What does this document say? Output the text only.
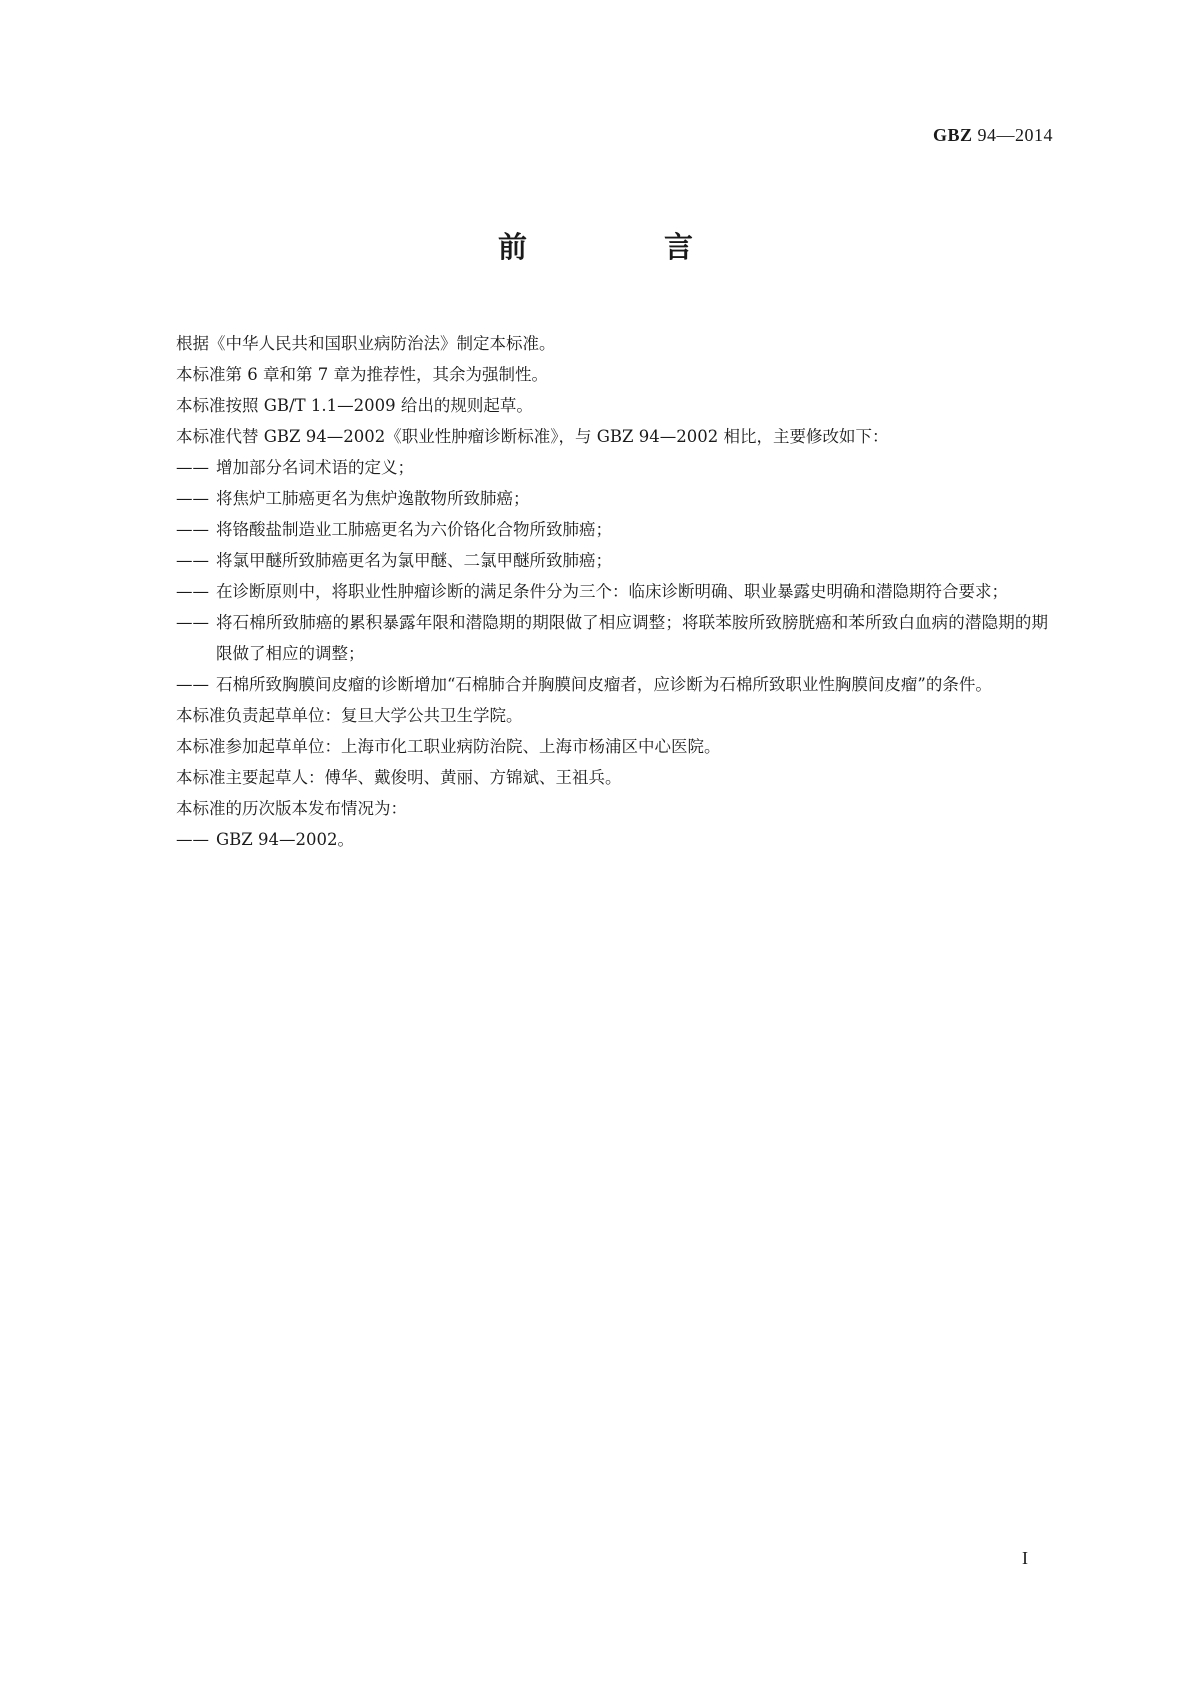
GBZ 94—2014
前　言

根据《中华人民共和国职业病防治法》制定本标准。

本标准第 6 章和第 7 章为推荐性，其余为强制性。

本标准按照 GB/T 1.1—2009 给出的规则起草。

本标准代替 GBZ 94—2002《职业性肿瘤诊断标准》，与 GBZ 94—2002 相比，主要修改如下：

—— 增加部分名词术语的定义；
—— 将焦炉工肺癌更名为焦炉逸散物所致肺癌；
—— 将铬酸盐制造业工肺癌更名为六价铬化合物所致肺癌；
—— 将氯甲醚所致肺癌更名为氯甲醚、二氯甲醚所致肺癌；
—— 在诊断原则中，将职业性肿瘤诊断的满足条件分为三个：临床诊断明确、职业暴露史明确和潜隐期符合要求；
—— 将石棉所致肺癌的累积暴露年限和潜隐期的期限做了相应调整；将联苯胺所致膀胱癌和苯所致白血病的潜隐期的期限做了相应的调整；
—— 石棉所致胸膜间皮瘤的诊断增加“石棉肺合并胸膜间皮瘤者，应诊断为石棉所致职业性胸膜间皮瘤”的条件。

本标准负责起草单位：复旦大学公共卫生学院。

本标准参加起草单位：上海市化工职业病防治院、上海市杨浦区中心医院。

本标准主要起草人：傅华、戴俊明、黄丽、方锦斌、王祖兵。

本标准的历次版本发布情况为：

—— GBZ 94—2002。
I
